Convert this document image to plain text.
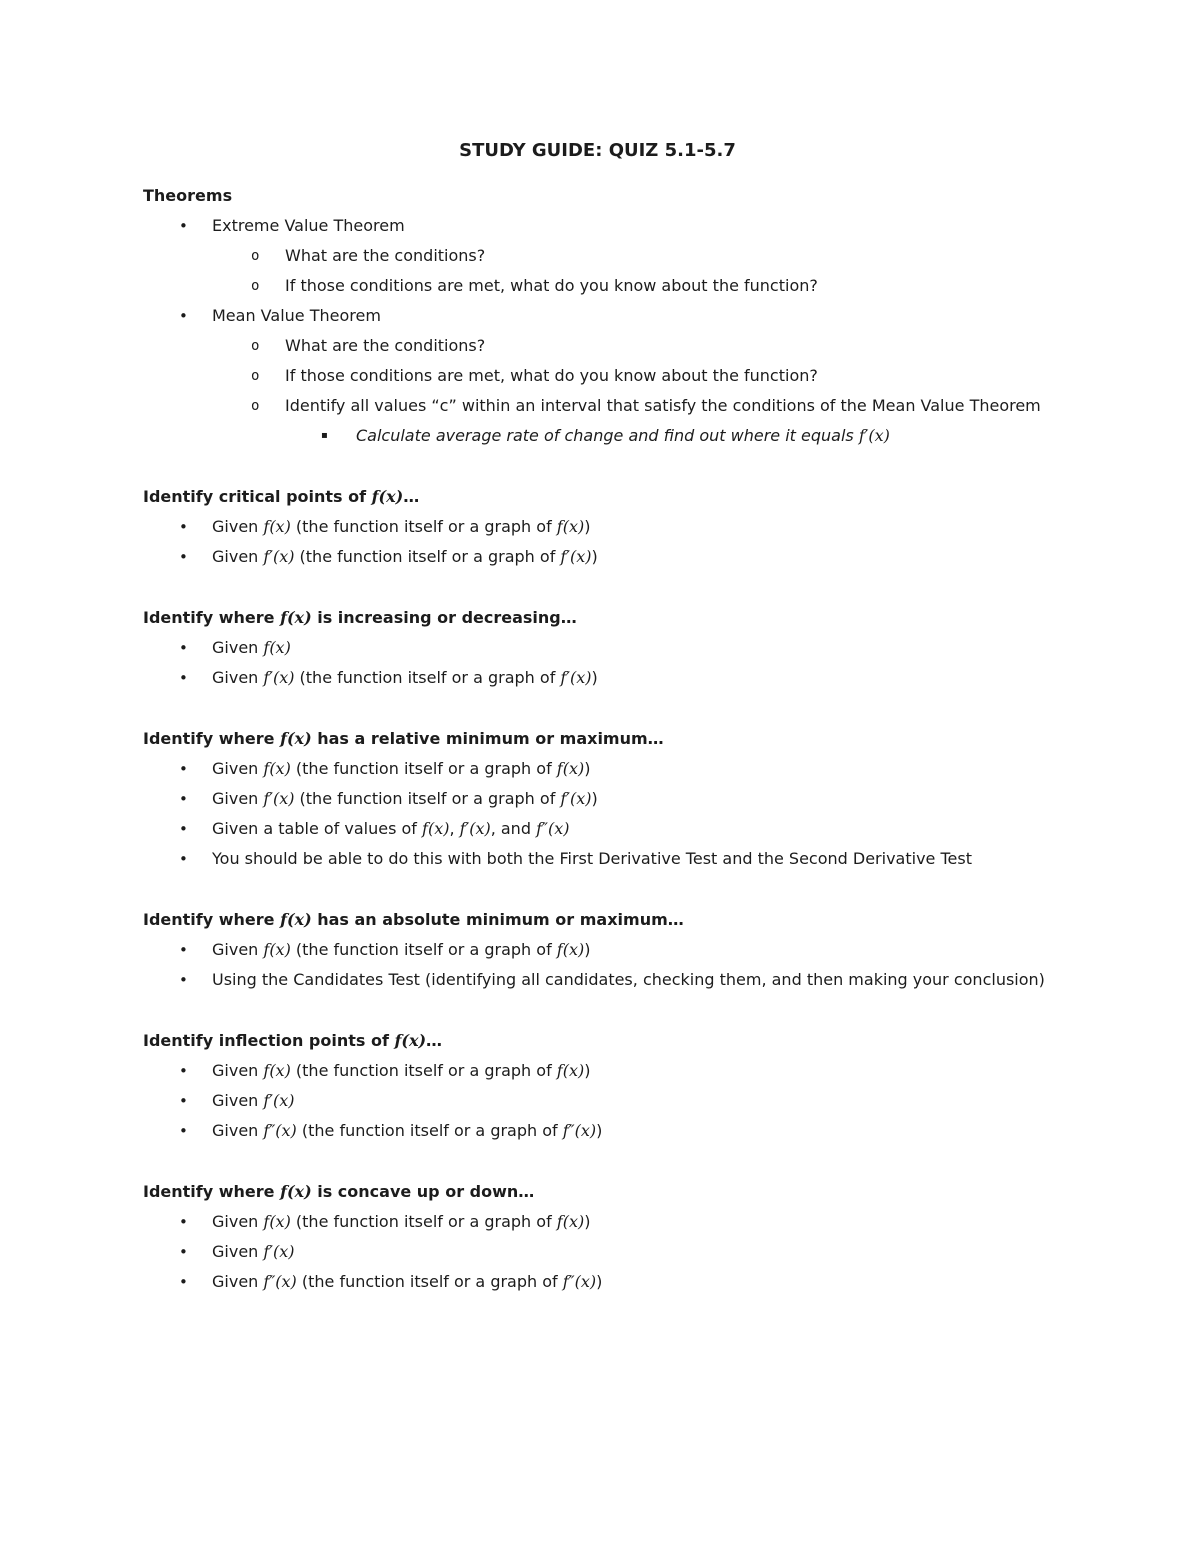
STUDY GUIDE: QUIZ 5.1-5.7
Theorems
•	Extreme Value Theorem
o	What are the conditions?
o	If those conditions are met, what do you know about the function?
•	Mean Value Theorem
o	What are the conditions?
o	If those conditions are met, what do you know about the function?
o	Identify all values “c” within an interval that satisfy the conditions of the Mean Value Theorem
▪	Calculate average rate of change and find out where it equals f′(x)
Identify critical points of f(x)…
•	Given f(x) (the function itself or a graph of f(x))
•	Given f′(x) (the function itself or a graph of f′(x))
Identify where f(x) is increasing or decreasing…
•	Given f(x)
•	Given f′(x) (the function itself or a graph of f′(x))
Identify where f(x) has a relative minimum or maximum…
•	Given f(x) (the function itself or a graph of f(x))
•	Given f′(x) (the function itself or a graph of f′(x))
•	Given a table of values of f(x), f′(x), and f″(x)
•	You should be able to do this with both the First Derivative Test and the Second Derivative Test
Identify where f(x) has an absolute minimum or maximum…
•	Given f(x) (the function itself or a graph of f(x))
•	Using the Candidates Test (identifying all candidates, checking them, and then making your conclusion)
Identify inflection points of f(x)…
•	Given f(x) (the function itself or a graph of f(x))
•	Given f′(x)
•	Given f″(x) (the function itself or a graph of f″(x))
Identify where f(x) is concave up or down…
•	Given f(x) (the function itself or a graph of f(x))
•	Given f′(x)
•	Given f″(x) (the function itself or a graph of f″(x))
